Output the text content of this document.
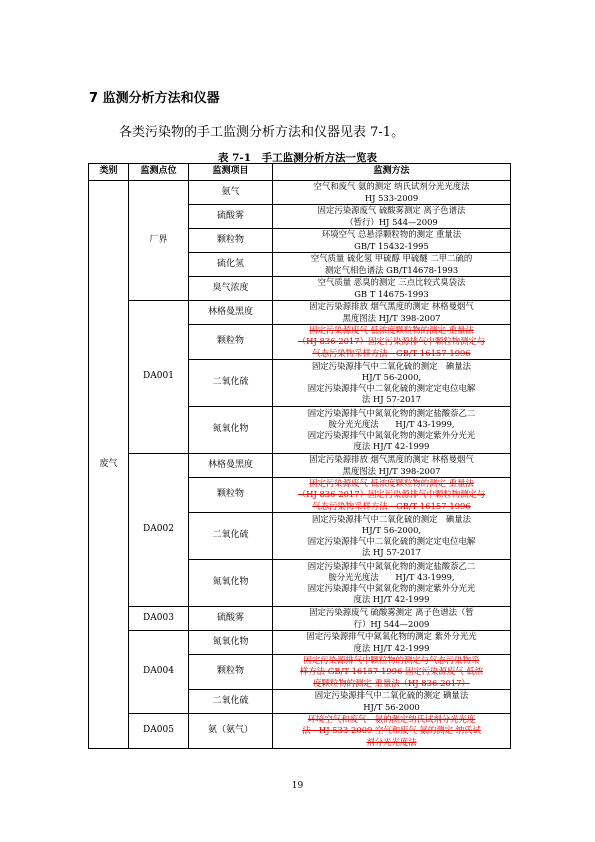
7 监测分析方法和仪器

各类污染物的手工监测分析方法和仪器见表 7-1。

表 7-1　手工监测分析方法一览表

类别	监测点位	监测项目	监测方法
废气	厂界	氨气	空气和废气 氨的测定 纳氏试剂分光光度法
HJ 533-2009
		硫酸雾	固定污染源废气 硫酸雾测定 离子色谱法
（暂行）HJ 544—2009
		颗粒物	环境空气 总悬浮颗粒物的测定 重量法
GB/T 15432-1995
		硫化氢	空气质量 硫化氢 甲硫醇 甲硫醚 二甲二硫的
测定气相色谱法 GB/T14678-1993
		臭气浓度	空气质量 恶臭的测定 三点比较式臭袋法
GB T 14675-1993
	DA001	林格曼黑度	固定污染源排放 烟气黑度的测定 林格曼烟气
黑度图法 HJ/T 398-2007
		颗粒物	固定污染源废气 低浓度颗粒物的测定 重量法
（HJ 836-2017）固定污染源排气中颗粒物测定与
气态污染物采样方法　GB/T 16157-1996
		二氧化硫	固定污染源排气中二氧化硫的测定　碘量法
HJ/T 56-2000,
固定污染源排气中二氧化硫的测定定电位电解
法 HJ 57-2017
		氮氧化物	固定污染源排气中氮氧化物的测定盐酸萘乙二
胺分光光度法　　HJ/T 43-1999,
固定污染源排气中氮氧化物的测定紫外分光光
度法 HJ/T 42-1999
	DA002	林格曼黑度	固定污染源排放 烟气黑度的测定 林格曼烟气
黑度图法 HJ/T 398-2007
		颗粒物	固定污染源废气 低浓度颗粒物的测定 重量法
（HJ 836-2017）固定污染源排气中颗粒物测定与
气态污染物采样方法　GB/T 16157-1996
		二氧化硫	固定污染源排气中二氧化硫的测定　碘量法
HJ/T 56-2000,
固定污染源排气中二氧化硫的测定定电位电解
法 HJ 57-2017
		氮氧化物	固定污染源排气中氮氧化物的测定盐酸萘乙二
胺分光光度法　　HJ/T 43-1999,
固定污染源排气中氮氧化物的测定紫外分光光
度法 HJ/T 42-1999
	DA003	硫酸雾	固定污染源废气 硫酸雾测定 离子色谱法（暂
行）HJ 544—2009
	DA004	氮氧化物	固定污染源排气中氮氧化物的测定 紫外分光光
度法 HJ/T 42-1999
		颗粒物	固定污染源排气中颗粒物的测定与气态污染物采
样方法 GB/T 16157-1996 固定污染源废气 低浓
度颗粒物的测定 重量法（HJ 836-2017）
		二氧化硫	固定污染源排气中二氧化硫的测定 碘量法
HJ/T 56-2000
	DA005	氨（氨气）	环境空气和废气　氨的测定纳氏试剂分光光度
法　HJ 533-2009 空气和废气 氨的测定 纳氏试
剂分光光度法
19
